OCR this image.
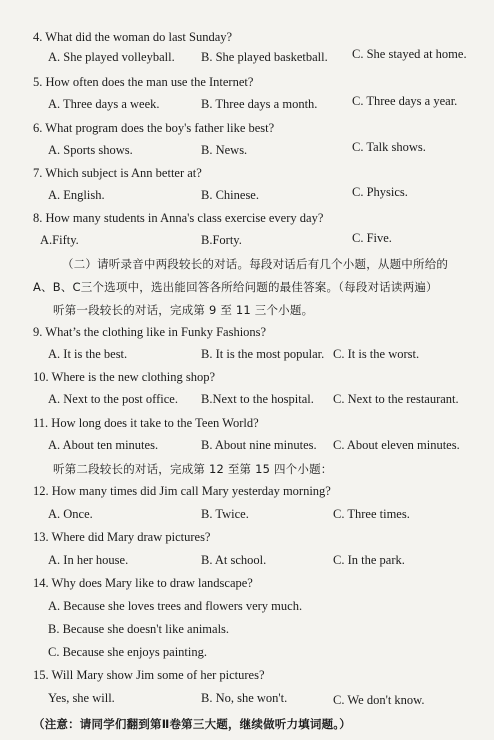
4. What did the woman do last Sunday?
A. She played volleyball. B. She played basketball. C. She stayed at home.
5. How often does the man use the Internet?
A. Three days a week.	B. Three days a month.	C. Three days a year.
6. What program does the boy's father like best?
A. Sports shows.	B. News.	C. Talk shows.
7. Which subject is Ann better at?
A. English.	B. Chinese.	C. Physics.
8. How many students in Anna's class exercise every day?
A.Fifty.	B.Forty.	C. Five.
（二）请听录音中两段较长的对话。每段对话后有几个小题，从题中所给的
A、B、C三个选项中，选出能回答各所给问题的最佳答案。（每段对话读两遍）
听第一段较长的对话，完成第 9 至 11 三个小题。
9. What’s the clothing like in Funky Fashions?
A. It is the best.	B. It is the most popular. C. It is the worst.
10. Where is the new clothing shop?
A. Next to the post office. B.Next to the hospital. C. Next to the restaurant.
11. How long does it take to the Teen World?
A. About ten minutes.	B. About nine minutes. C. About eleven minutes.
听第二段较长的对话，完成第 12 至第 15 四个小题：
12. How many times did Jim call Mary yesterday morning?
A. Once.	B. Twice.	C. Three times.
13. Where did Mary draw pictures?
A. In her house.	B. At school.	C. In the park.
14. Why does Mary like to draw landscape?
A. Because she loves trees and flowers very much.
B. Because she doesn't like animals.
C. Because she enjoys painting.
15. Will Mary show Jim some of her pictures?
Yes, she will.	B. No, she won't.	C. We don't know.
（注意：请同学们翻到第Ⅱ卷第三大题，继续做听力填词题。）
